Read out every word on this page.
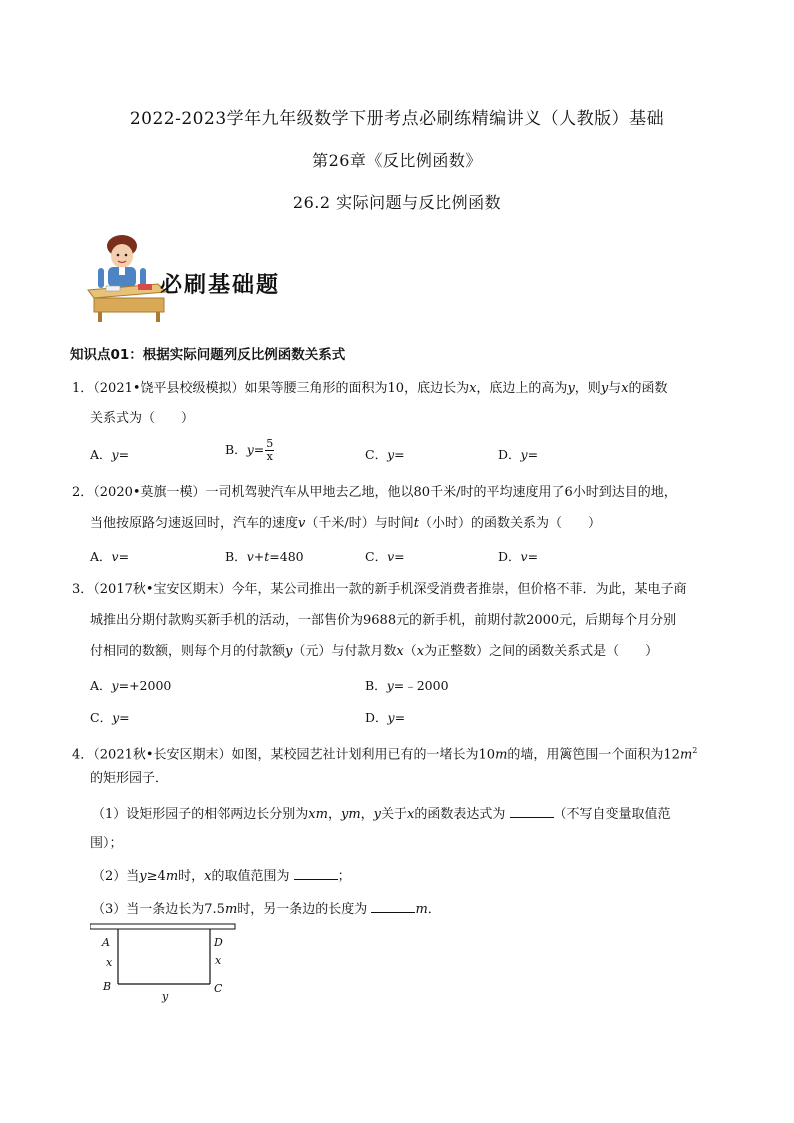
2022-2023学年九年级数学下册考点必刷练精编讲义（人教版）基础
第26章《反比例函数》
26.2 实际问题与反比例函数
必刷基础题
知识点01：根据实际问题列反比例函数关系式
1．（2021•饶平县校级模拟）如果等腰三角形的面积为10，底边长为x，底边上的高为y，则y与x的函数
关系式为（　　）
A．y=	B．$y= \frac{5}{x}$	C．y=	D．y=
2．（2020•莫旗一模）一司机驾驶汽车从甲地去乙地，他以80千米/时的平均速度用了6小时到达目的地，
当他按原路匀速返回时，汽车的速度v（千米/时）与时间t（小时）的函数关系为（　　）
A．v=	B．v+t=480	C．v=	D．v=
3．（2017秋•宝安区期末）今年，某公司推出一款的新手机深受消费者推崇，但价格不菲．为此，某电子商
城推出分期付款购买新手机的活动，一部售价为9688元的新手机，前期付款2000元，后期每个月分别
付相同的数额，则每个月的付款额y（元）与付款月数x（x为正整数）之间的函数关系式是（　　）
A．y=+2000	B．y=﹣2000
C．y=	D．y=
4．（2021秋•长安区期末）如图，某校园艺社计划利用已有的一堵长为10m的墙，用篱笆围一个面积为$12m^2$
的矩形园子．
（1）设矩形园子的相邻两边长分别为xm，ym，y关于x的函数表达式为	（不写自变量取值范
围）；
（2）当y≥4m时，x的取值范围为	；
（3）当一条边长为7.5m时，另一条边的长度为	m．
A	D
x	x
B	C
y
